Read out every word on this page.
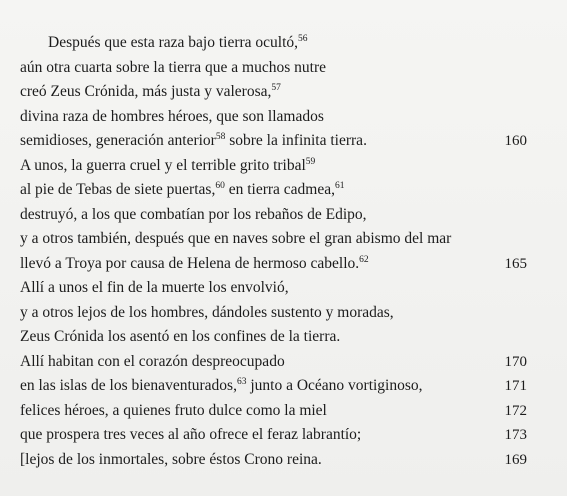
Después que esta raza bajo tierra ocultó,$^{56}$
aún otra cuarta sobre la tierra que a muchos nutre
creó Zeus Crónida, más justa y valerosa,$^{57}$
divina raza de hombres héroes, que son llamados
semidioses, generación anterior$^{58}$ sobre la infinita tierra.	160
A unos, la guerra cruel y el terrible grito tribal$^{59}$
al pie de Tebas de siete puertas,$^{60}$ en tierra cadmea,$^{61}$
destruyó, a los que combatían por los rebaños de Edipo,
y a otros también, después que en naves sobre el gran abismo del mar
llevó a Troya por causa de Helena de hermoso cabello.$^{62}$	165
Allí a unos el fin de la muerte los envolvió,
y a otros lejos de los hombres, dándoles sustento y moradas,
Zeus Crónida los asentó en los confines de la tierra.
Allí habitan con el corazón despreocupado	170
en las islas de los bienaventurados,$^{63}$ junto a Océano vortiginoso,	171
felices héroes, a quienes fruto dulce como la miel	172
que prospera tres veces al año ofrece el feraz labrantío;	173
[lejos de los inmortales, sobre éstos Crono reina.	169
